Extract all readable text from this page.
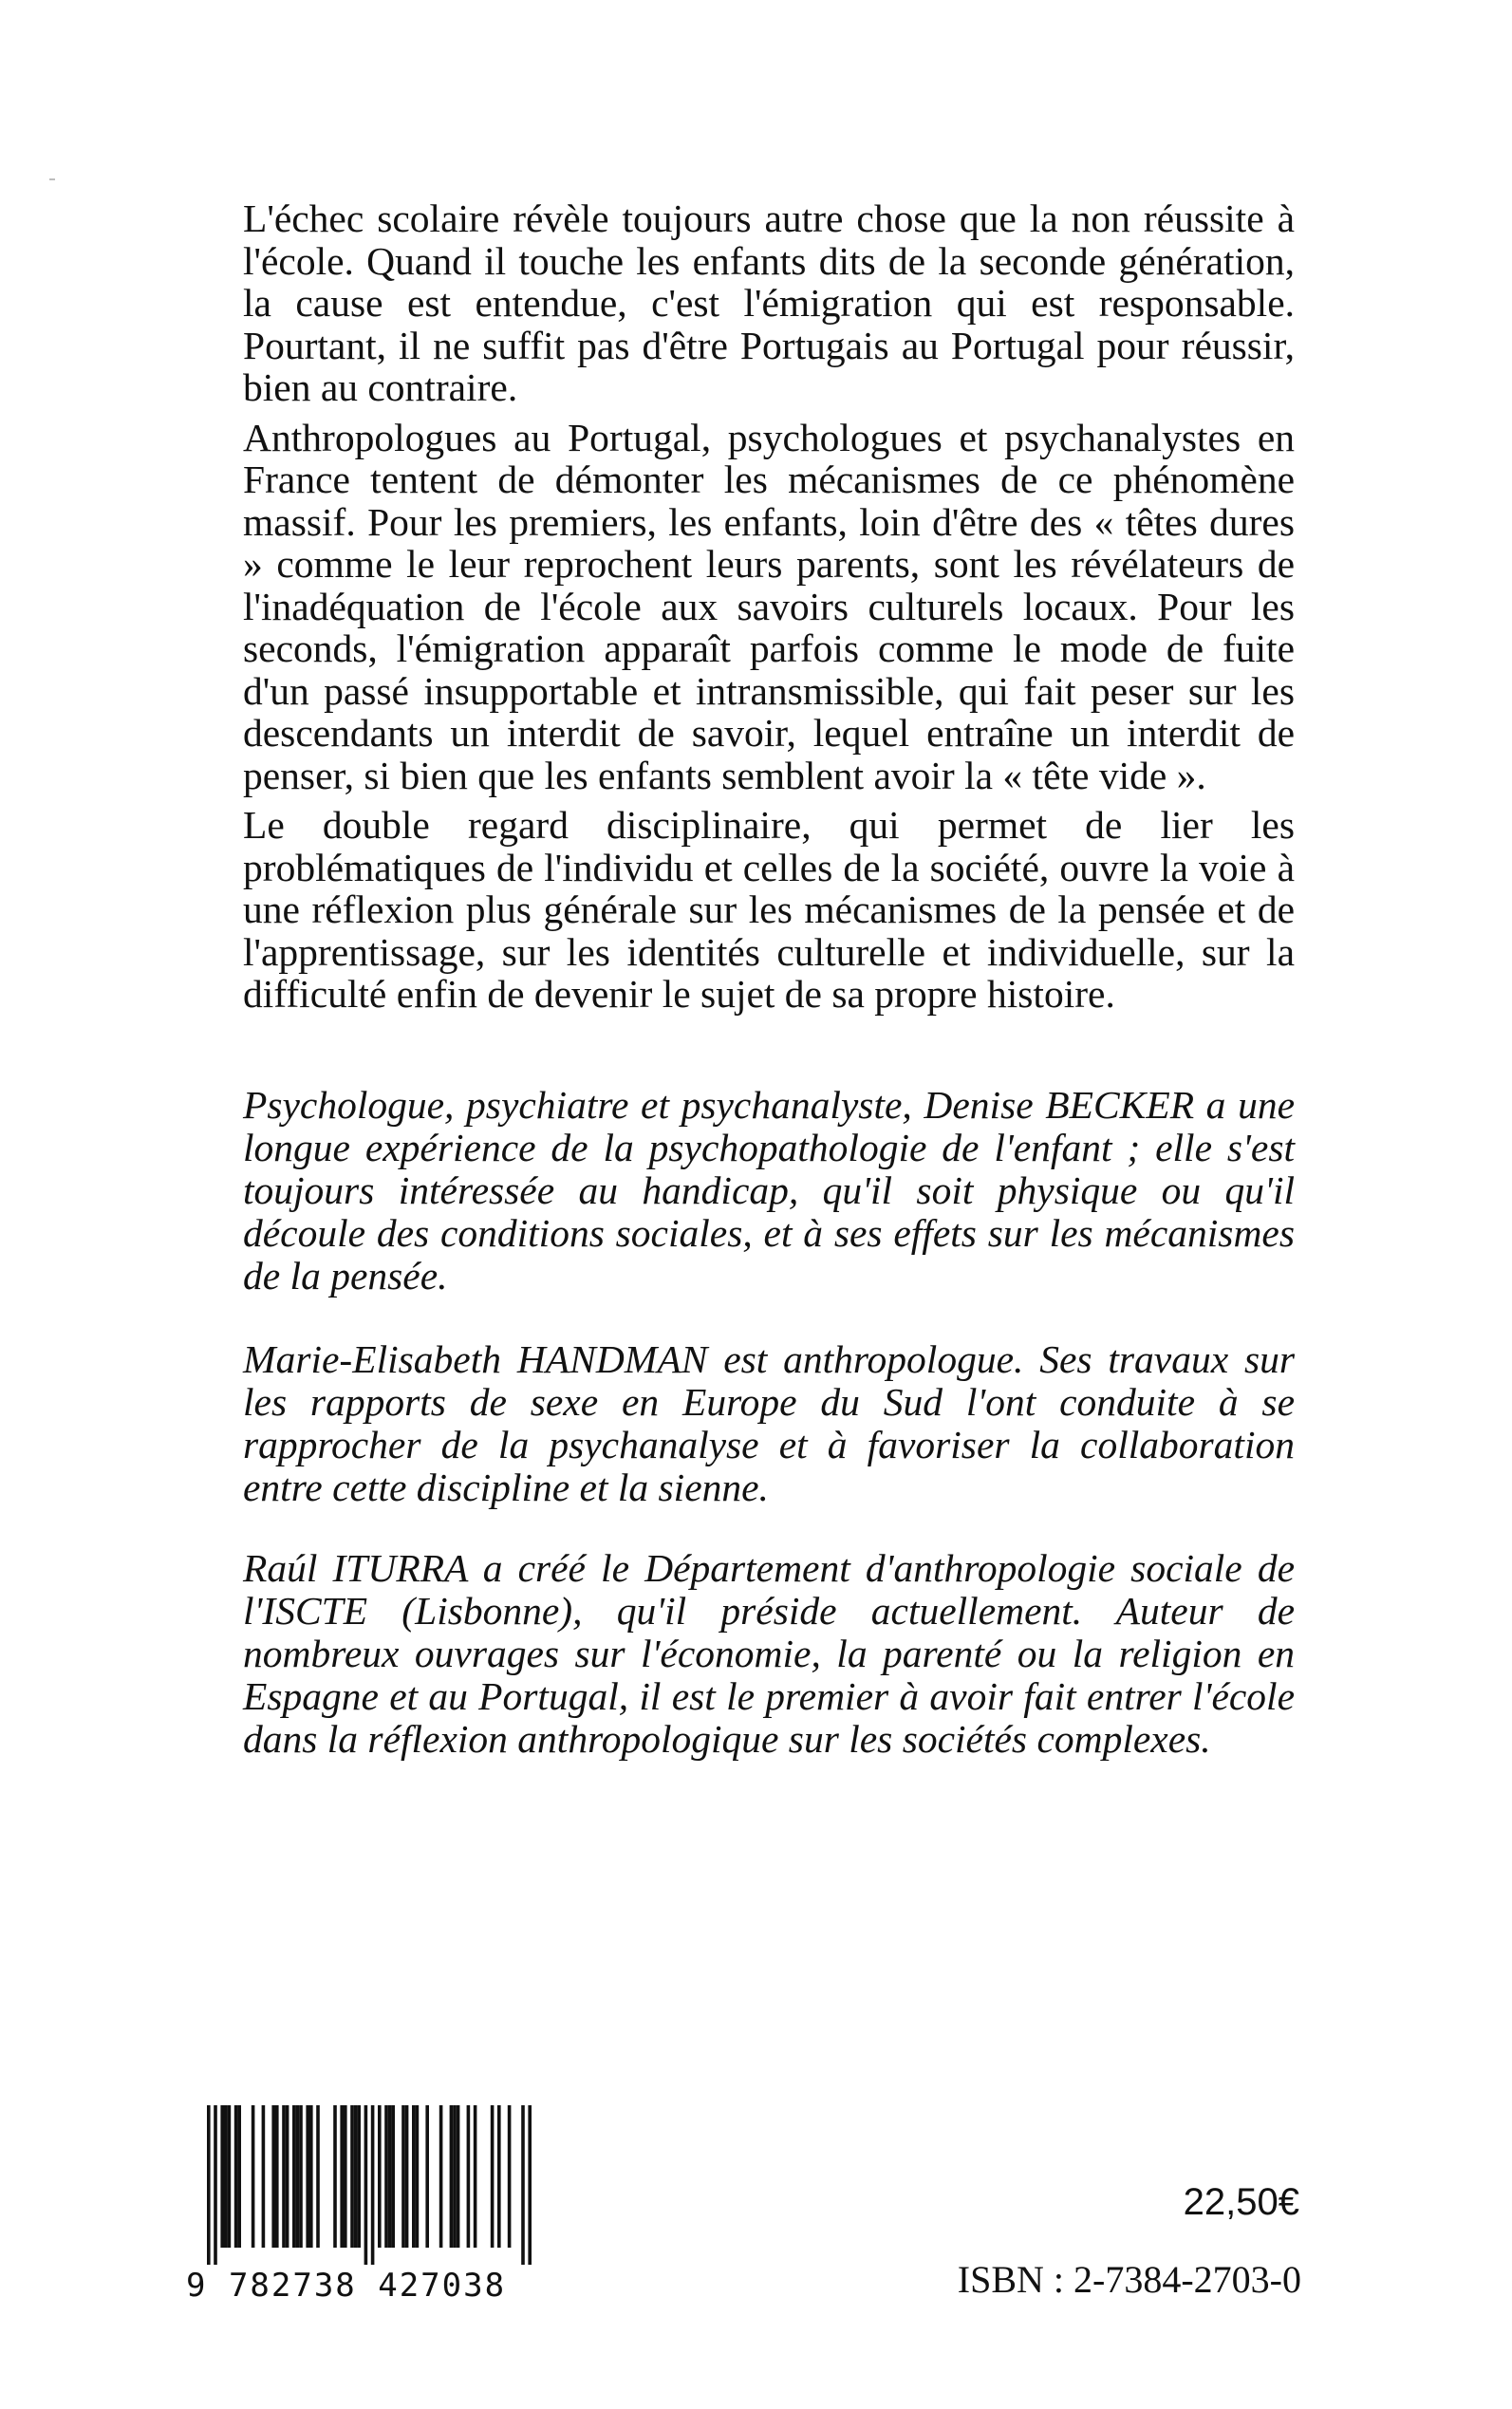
L'échec scolaire révèle toujours autre chose que la non réussite à l'école. Quand il touche les enfants dits de la seconde génération, la cause est entendue, c'est l'émigration qui est responsable. Pourtant, il ne suffit pas d'être Portugais au Portugal pour réussir, bien au contraire.

Anthropologues au Portugal, psychologues et psychanalystes en France tentent de démonter les mécanismes de ce phénomène massif. Pour les premiers, les enfants, loin d'être des « têtes dures » comme le leur reprochent leurs parents, sont les révélateurs de l'inadéquation de l'école aux savoirs culturels locaux. Pour les seconds, l'émigration apparaît parfois comme le mode de fuite d'un passé insupportable et intransmissible, qui fait peser sur les descendants un interdit de savoir, lequel entraîne un interdit de penser, si bien que les enfants semblent avoir la « tête vide ».

Le double regard disciplinaire, qui permet de lier les problématiques de l'individu et celles de la société, ouvre la voie à une réflexion plus générale sur les mécanismes de la pensée et de l'apprentissage, sur les identités culturelle et individuelle, sur la difficulté enfin de devenir le sujet de sa propre histoire.

Psychologue, psychiatre et psychanalyste, Denise BECKER a une longue expérience de la psychopathologie de l'enfant ; elle s'est toujours intéressée au handicap, qu'il soit physique ou qu'il découle des conditions sociales, et à ses effets sur les mécanismes de la pensée.

Marie-Elisabeth HANDMAN est anthropologue. Ses travaux sur les rapports de sexe en Europe du Sud l'ont conduite à se rapprocher de la psychanalyse et à favoriser la collaboration entre cette discipline et la sienne.

Raúl ITURRA a créé le Département d'anthropologie sociale de l'ISCTE (Lisbonne), qu'il préside actuellement. Auteur de nombreux ouvrages sur l'économie, la parenté ou la religion en Espagne et au Portugal, il est le premier à avoir fait entrer l'école dans la réflexion anthropologique sur les sociétés complexes.

9 782738 427038
22,50€
ISBN : 2-7384-2703-0
